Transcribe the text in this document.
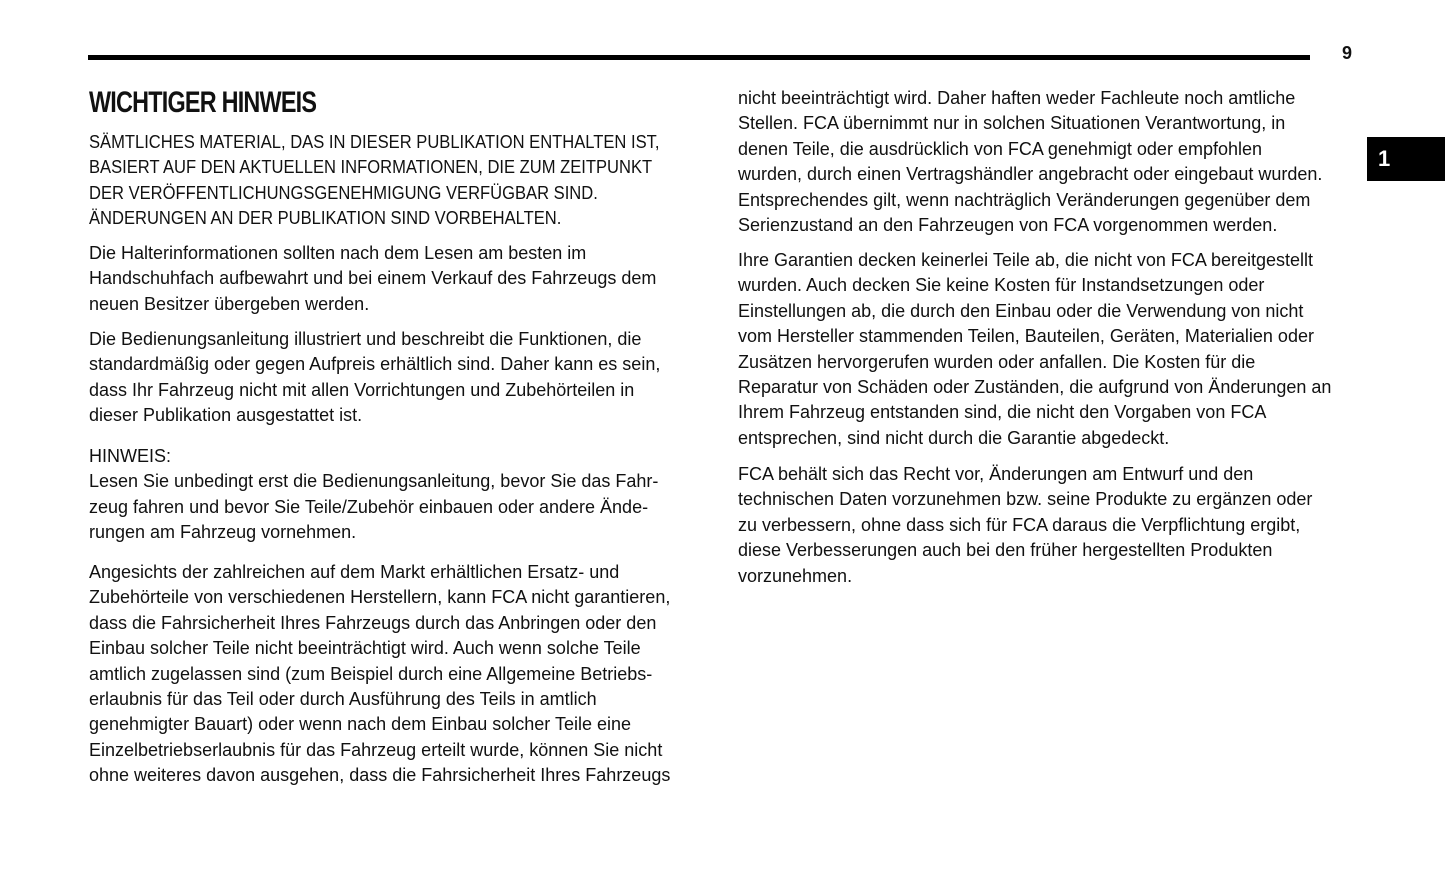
9
1
WICHTIGER HINWEIS
SÄMTLICHES MATERIAL, DAS IN DIESER PUBLIKATION ENTHALTEN IST,
BASIERT AUF DEN AKTUELLEN INFORMATIONEN, DIE ZUM ZEITPUNKT
DER VERÖFFENTLICHUNGSGENEHMIGUNG VERFÜGBAR SIND.
ÄNDERUNGEN AN DER PUBLIKATION SIND VORBEHALTEN.
Die Halterinformationen sollten nach dem Lesen am besten im
Handschuhfach aufbewahrt und bei einem Verkauf des Fahrzeugs dem
neuen Besitzer übergeben werden.
Die Bedienungsanleitung illustriert und beschreibt die Funktionen, die
standardmäßig oder gegen Aufpreis erhältlich sind. Daher kann es sein,
dass Ihr Fahrzeug nicht mit allen Vorrichtungen und Zubehörteilen in
dieser Publikation ausgestattet ist.
HINWEIS:
Lesen Sie unbedingt erst die Bedienungsanleitung, bevor Sie das Fahr-
zeug fahren und bevor Sie Teile/Zubehör einbauen oder andere Ände-
rungen am Fahrzeug vornehmen.
Angesichts der zahlreichen auf dem Markt erhältlichen Ersatz- und
Zubehörteile von verschiedenen Herstellern, kann FCA nicht garantieren,
dass die Fahrsicherheit Ihres Fahrzeugs durch das Anbringen oder den
Einbau solcher Teile nicht beeinträchtigt wird. Auch wenn solche Teile
amtlich zugelassen sind (zum Beispiel durch eine Allgemeine Betriebs-
erlaubnis für das Teil oder durch Ausführung des Teils in amtlich
genehmigter Bauart) oder wenn nach dem Einbau solcher Teile eine
Einzelbetriebserlaubnis für das Fahrzeug erteilt wurde, können Sie nicht
ohne weiteres davon ausgehen, dass die Fahrsicherheit Ihres Fahrzeugs
nicht beeinträchtigt wird. Daher haften weder Fachleute noch amtliche
Stellen. FCA übernimmt nur in solchen Situationen Verantwortung, in
denen Teile, die ausdrücklich von FCA genehmigt oder empfohlen
wurden, durch einen Vertragshändler angebracht oder eingebaut wurden.
Entsprechendes gilt, wenn nachträglich Veränderungen gegenüber dem
Serienzustand an den Fahrzeugen von FCA vorgenommen werden.
Ihre Garantien decken keinerlei Teile ab, die nicht von FCA bereitgestellt
wurden. Auch decken Sie keine Kosten für Instandsetzungen oder
Einstellungen ab, die durch den Einbau oder die Verwendung von nicht
vom Hersteller stammenden Teilen, Bauteilen, Geräten, Materialien oder
Zusätzen hervorgerufen wurden oder anfallen. Die Kosten für die
Reparatur von Schäden oder Zuständen, die aufgrund von Änderungen an
Ihrem Fahrzeug entstanden sind, die nicht den Vorgaben von FCA
entsprechen, sind nicht durch die Garantie abgedeckt.
FCA behält sich das Recht vor, Änderungen am Entwurf und den
technischen Daten vorzunehmen bzw. seine Produkte zu ergänzen oder
zu verbessern, ohne dass sich für FCA daraus die Verpflichtung ergibt,
diese Verbesserungen auch bei den früher hergestellten Produkten
vorzunehmen.
